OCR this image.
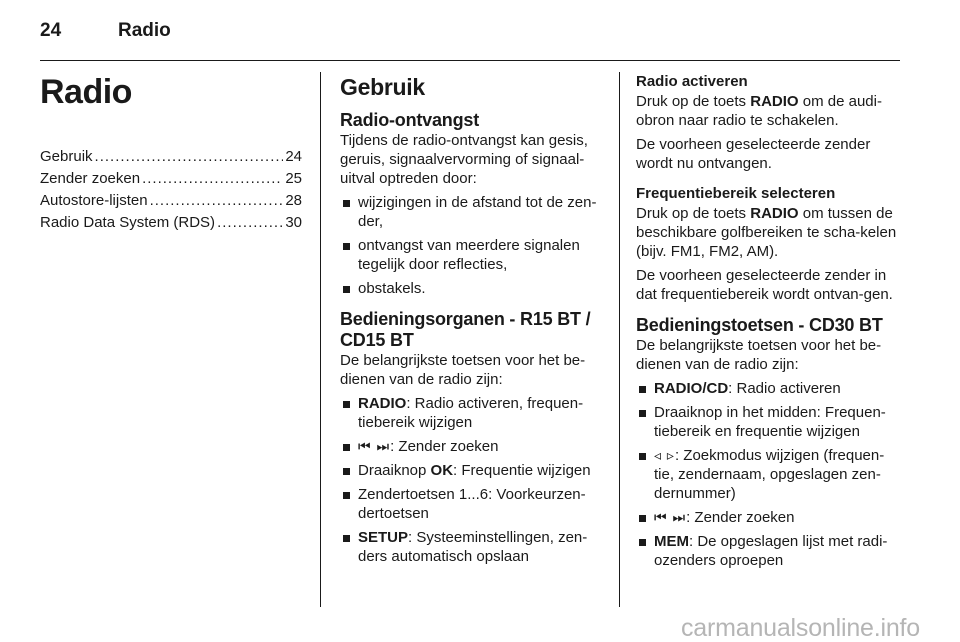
24	Radio
Radio
Gebruik .....	24
Zender zoeken .....	25
Autostore-lijsten .....	28
Radio Data System (RDS) .....	30
Gebruik
Radio-ontvangst

Tijdens de radio-ontvangst kan gesis, geruis, signaalvervorming of signaal-uitval optreden door:

wijzigingen in de afstand tot de zen-der,
ontvangst van meerdere signalen tegelijk door reflecties,
obstakels.
Bedieningsorganen - R15 BT / CD15 BT

De belangrijkste toetsen voor het be-dienen van de radio zijn:

RADIO: Radio activeren, frequen-tiebereik wijzigen
⏮ ⏭: Zender zoeken
Draaiknop OK: Frequentie wijzigen
Zendertoetsen 1...6: Voorkeurzen-dertoetsen
SETUP: Systeeminstellingen, zen-ders automatisch opslaan
Radio activeren

Druk op de toets RADIO om de audi-obron naar radio te schakelen.

De voorheen geselecteerde zender wordt nu ontvangen.

Frequentiebereik selecteren

Druk op de toets RADIO om tussen de beschikbare golfbereiken te scha-kelen (bijv. FM1, FM2, AM).

De voorheen geselecteerde zender in dat frequentiebereik wordt ontvan-gen.

Bedieningstoetsen - CD30 BT

De belangrijkste toetsen voor het be-dienen van de radio zijn:

RADIO/CD: Radio activeren
Draaiknop in het midden: Frequen-tiebereik en frequentie wijzigen
◃ ▹: Zoekmodus wijzigen (frequen-tie, zendernaam, opgeslagen zen-dernummer)
⏮ ⏭: Zender zoeken
MEM: De opgeslagen lijst met radi-ozenders oproepen
carmanualsonline.info
